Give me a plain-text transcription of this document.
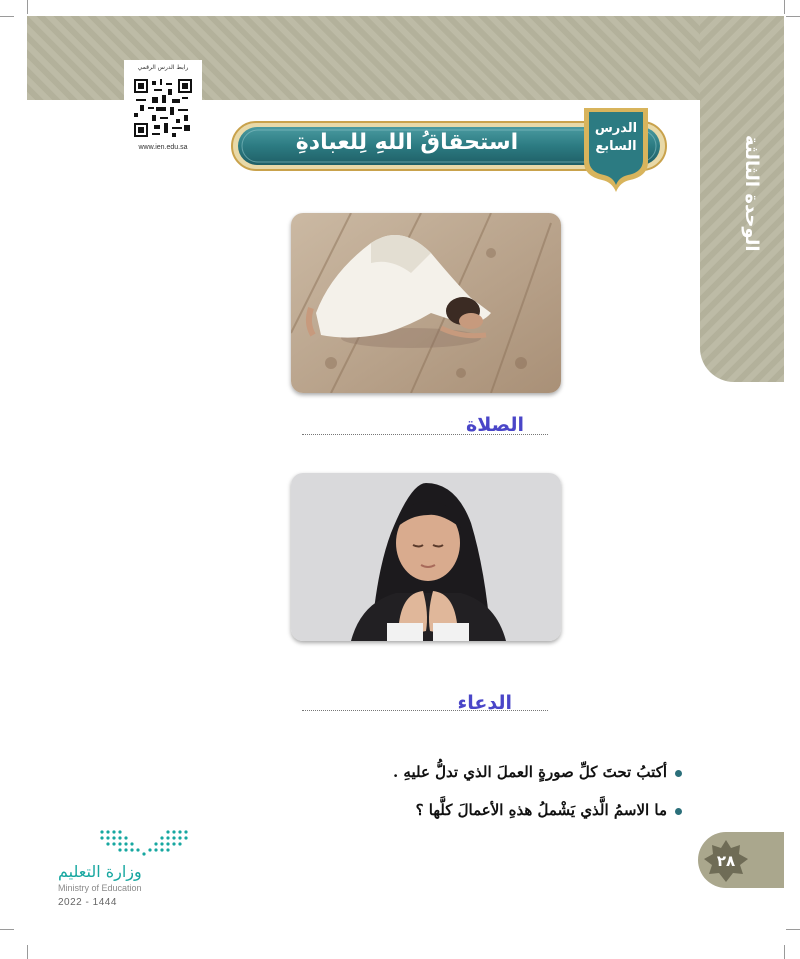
الوحدة الثالثة
رابط الدرس الرقمي
www.ien.edu.sa
الدرس
السابع
استحقاقُ اللهِ لِلعبادةِ
الصلاة
الدعاء
أكتبُ تحتَ كلِّ صورةٍ العملَ الذي تدلُّ عليهِ .
ما الاسمُ الَّذي يَشْملُ هذهِ الأعمالَ كلَّها ؟
٢٨
وزارة التعليم
Ministry of Education
2022 - 1444
